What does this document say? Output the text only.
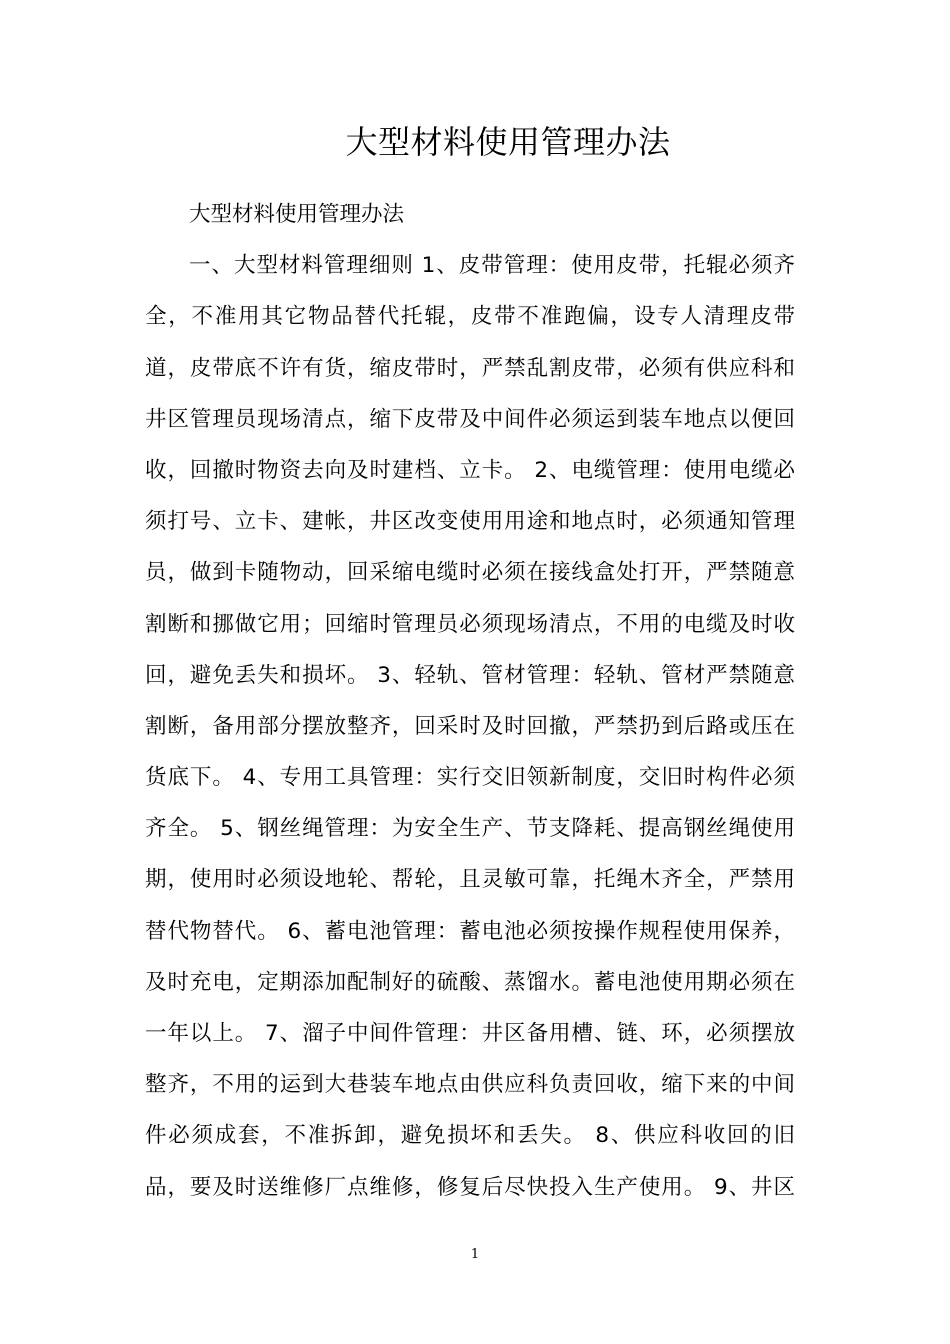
大型材料使用管理办法
大型材料使用管理办法
一、大型材料管理细则 1、皮带管理：使用皮带，托辊必须齐
全，不准用其它物品替代托辊，皮带不准跑偏，设专人清理皮带
道，皮带底不许有货，缩皮带时，严禁乱割皮带，必须有供应科和
井区管理员现场清点，缩下皮带及中间件必须运到装车地点以便回
收，回撤时物资去向及时建档、立卡。 2、电缆管理：使用电缆必
须打号、立卡、建帐，井区改变使用用途和地点时，必须通知管理
员，做到卡随物动，回采缩电缆时必须在接线盒处打开，严禁随意
割断和挪做它用；回缩时管理员必须现场清点，不用的电缆及时收
回，避免丢失和损坏。 3、轻轨、管材管理：轻轨、管材严禁随意
割断，备用部分摆放整齐，回采时及时回撤，严禁扔到后路或压在
货底下。 4、专用工具管理：实行交旧领新制度，交旧时构件必须
齐全。 5、钢丝绳管理：为安全生产、节支降耗、提高钢丝绳使用
期，使用时必须设地轮、帮轮，且灵敏可靠，托绳木齐全，严禁用
替代物替代。 6、蓄电池管理：蓄电池必须按操作规程使用保养，
及时充电，定期添加配制好的硫酸、蒸馏水。蓄电池使用期必须在
一年以上。 7、溜子中间件管理：井区备用槽、链、环，必须摆放
整齐，不用的运到大巷装车地点由供应科负责回收，缩下来的中间
件必须成套，不准拆卸，避免损坏和丢失。 8、供应科收回的旧
品，要及时送维修厂点维修，修复后尽快投入生产使用。 9、井区
1
